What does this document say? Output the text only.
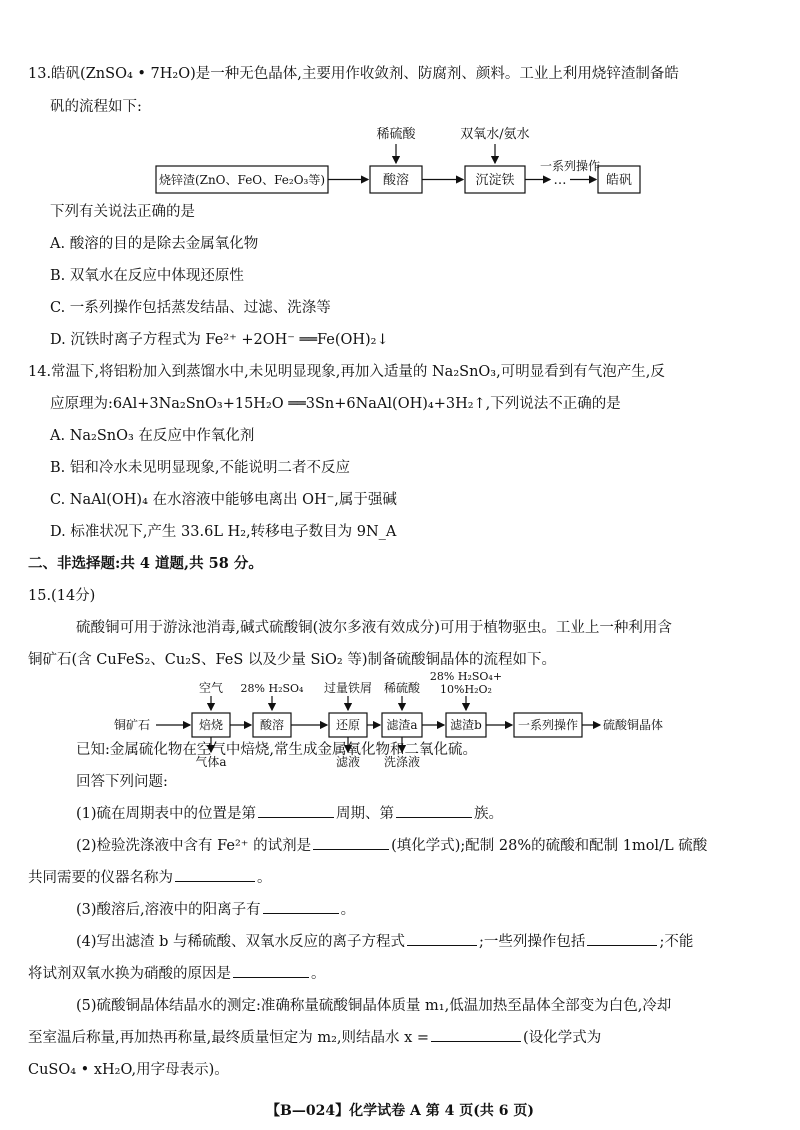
13.皓矾(ZnSO₄ • 7H₂O)是一种无色晶体,主要用作收敛剂、防腐剂、颜料。工业上利用烧锌渣制备皓
矾的流程如下:
稀硫酸	双氧水/氨水
烧锌渣(ZnO、FeO、Fe₂O₃等)	酸溶	沉淀铁	…
一系列操作
皓矾
下列有关说法正确的是
A. 酸溶的目的是除去金属氧化物
B. 双氧水在反应中体现还原性
C. 一系列操作包括蒸发结晶、过滤、洗涤等
D. 沉铁时离子方程式为 Fe²⁺ +2OH⁻ ══Fe(OH)₂↓
14.常温下,将铝粉加入到蒸馏水中,未见明显现象,再加入适量的 Na₂SnO₃,可明显看到有气泡产生,反
应原理为:6Al+3Na₂SnO₃+15H₂O ══3Sn+6NaAl(OH)₄+3H₂↑,下列说法不正确的是
A. Na₂SnO₃ 在反应中作氧化剂
B. 铝和冷水未见明显现象,不能说明二者不反应
C. NaAl(OH)₄ 在水溶液中能够电离出 OH⁻,属于强碱
D. 标准状况下,产生 33.6L H₂,转移电子数目为 9N_A
二、非选择题:共 4 道题,共 58 分。
15.(14分)
硫酸铜可用于游泳池消毒,碱式硫酸铜(波尔多液有效成分)可用于植物驱虫。工业上一种利用含
铜矿石(含 CuFeS₂、Cu₂S、FeS 以及少量 SiO₂ 等)制备硫酸铜晶体的流程如下。
空气 28% H₂SO₄ 过量铁屑 稀硫酸
28% H₂SO₄+
10%H₂O₂
铜矿石	焙烧	酸溶	还原 滤渣a	滤渣b	一系列操作 硫酸铜晶体
气体a	滤液 洗涤液
已知:金属硫化物在空气中焙烧,常生成金属氧化物和二氧化硫。
回答下列问题:
(1)硫在周期表中的位置是第	周期、第	族。
(2)检验洗涤液中含有 Fe²⁺ 的试剂是	(填化学式);配制 28%的硫酸和配制 1mol/L 硫酸
共同需要的仪器名称为	。
(3)酸溶后,溶液中的阳离子有	。
(4)写出滤渣 b 与稀硫酸、双氧水反应的离子方程式	;一些列操作包括	;不能
将试剂双氧水换为硝酸的原因是	。
(5)硫酸铜晶体结晶水的测定:准确称量硫酸铜晶体质量 m₁,低温加热至晶体全部变为白色,冷却
至室温后称量,再加热再称量,最终质量恒定为 m₂,则结晶水 x =	(设化学式为
CuSO₄ • xH₂O,用字母表示)。
【B—024】化学试卷 A 第 4 页(共 6 页)
